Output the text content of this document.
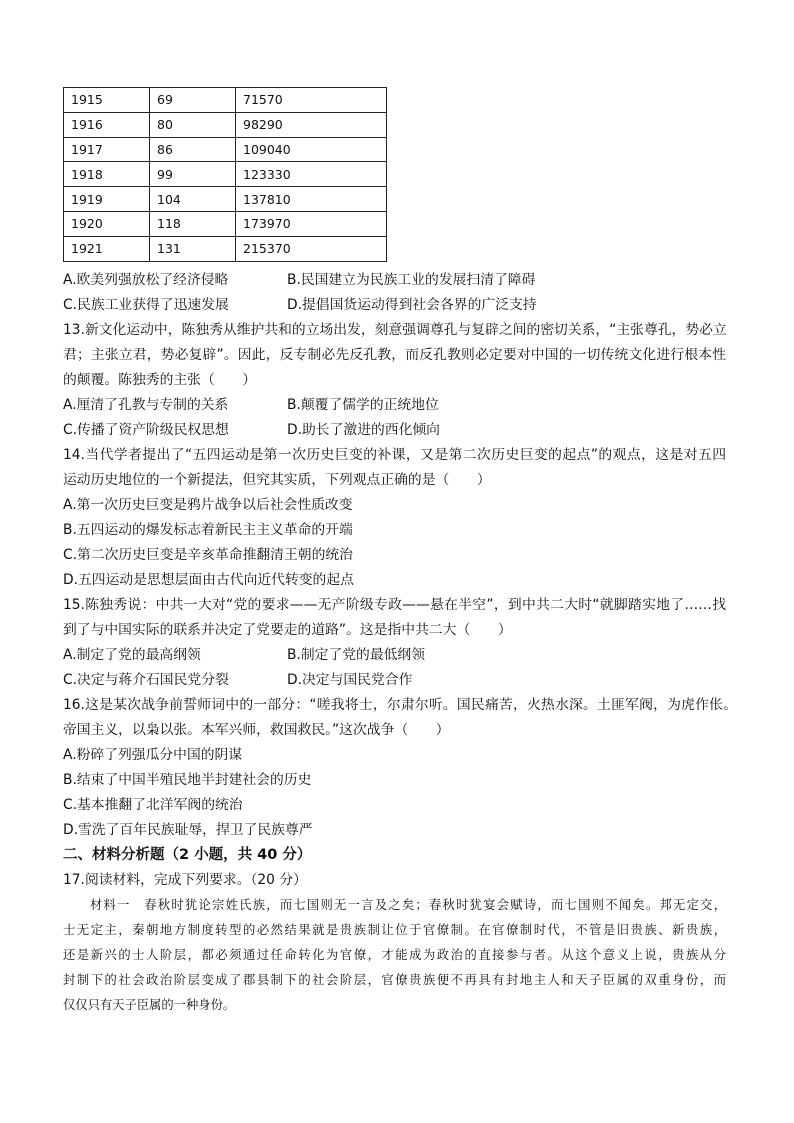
1915	69	71570
1916	80	98290
1917	86	109040
1918	99	123330
1919	104	137810
1920	118	173970
1921	131	215370
A.欧美列强放松了经济侵略	B.民国建立为民族工业的发展扫清了障碍
C.民族工业获得了迅速发展	D.提倡国货运动得到社会各界的广泛支持
13.新文化运动中，陈独秀从维护共和的立场出发，刻意强调尊孔与复辟之间的密切关系，“主张尊孔，势必立
君；主张立君，势必复辟”。因此，反专制必先反孔教，而反孔教则必定要对中国的一切传统文化进行根本性
的颠覆。陈独秀的主张（　　）
A.厘清了孔教与专制的关系	B.颠覆了儒学的正统地位
C.传播了资产阶级民权思想	D.助长了激进的西化倾向
14.当代学者提出了“五四运动是第一次历史巨变的补课，又是第二次历史巨变的起点”的观点，这是对五四
运动历史地位的一个新提法，但究其实质，下列观点正确的是（　　）
A.第一次历史巨变是鸦片战争以后社会性质改变
B.五四运动的爆发标志着新民主主义革命的开端
C.第二次历史巨变是辛亥革命推翻清王朝的统治
D.五四运动是思想层面由古代向近代转变的起点
15.陈独秀说：中共一大对“党的要求——无产阶级专政——悬在半空”，到中共二大时“就脚踏实地了……找
到了与中国实际的联系并决定了党要走的道路”。这是指中共二大（　　）
A.制定了党的最高纲领	B.制定了党的最低纲领
C.决定与蒋介石国民党分裂	D.决定与国民党合作
16.这是某次战争前誓师词中的一部分：“嗟我将士，尔肃尔听。国民痛苦，火热水深。土匪军阀，为虎作伥。
帝国主义，以枭以张。本军兴师，救国救民。”这次战争（　　）
A.粉碎了列强瓜分中国的阴谋
B.结束了中国半殖民地半封建社会的历史
C.基本推翻了北洋军阀的统治
D.雪洗了百年民族耻辱，捍卫了民族尊严
二、材料分析题（2 小题，共 40 分）
17.阅读材料，完成下列要求。（20 分）
材料一　春秋时犹论宗姓氏族，而七国则无一言及之矣；春秋时犹宴会赋诗，而七国则不闻矣。邦无定交，
士无定主，秦朝地方制度转型的必然结果就是贵族制让位于官僚制。在官僚制时代，不管是旧贵族、新贵族，
还是新兴的士人阶层，都必须通过任命转化为官僚，才能成为政治的直接参与者。从这个意义上说，贵族从分
封制下的社会政治阶层变成了郡县制下的社会阶层，官僚贵族便不再具有封地主人和天子臣属的双重身份，而
仅仅只有天子臣属的一种身份。
